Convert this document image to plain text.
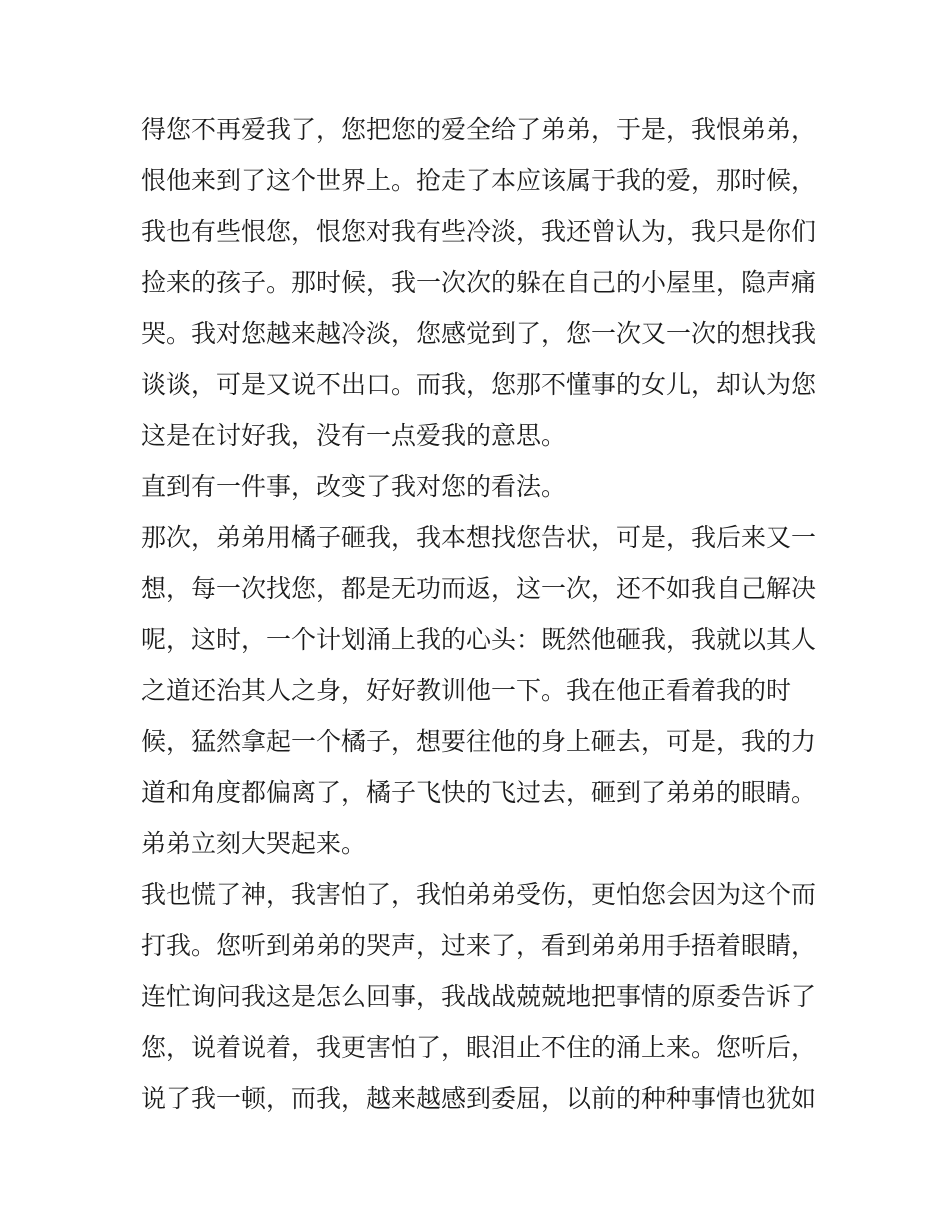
得您不再爱我了，您把您的爱全给了弟弟，于是，我恨弟弟，
恨他来到了这个世界上。抢走了本应该属于我的爱，那时候，
我也有些恨您，恨您对我有些冷淡，我还曾认为，我只是你们
捡来的孩子。那时候，我一次次的躲在自己的小屋里，隐声痛
哭。我对您越来越冷淡，您感觉到了，您一次又一次的想找我
谈谈，可是又说不出口。而我，您那不懂事的女儿，却认为您
这是在讨好我，没有一点爱我的意思。
直到有一件事，改变了我对您的看法。
那次，弟弟用橘子砸我，我本想找您告状，可是，我后来又一
想，每一次找您，都是无功而返，这一次，还不如我自己解决
呢，这时，一个计划涌上我的心头：既然他砸我，我就以其人
之道还治其人之身，好好教训他一下。我在他正看着我的时
候，猛然拿起一个橘子，想要往他的身上砸去，可是，我的力
道和角度都偏离了，橘子飞快的飞过去，砸到了弟弟的眼睛。
弟弟立刻大哭起来。
我也慌了神，我害怕了，我怕弟弟受伤，更怕您会因为这个而
打我。您听到弟弟的哭声，过来了，看到弟弟用手捂着眼睛，
连忙询问我这是怎么回事，我战战兢兢地把事情的原委告诉了
您，说着说着，我更害怕了，眼泪止不住的涌上来。您听后，
说了我一顿，而我，越来越感到委屈，以前的种种事情也犹如
